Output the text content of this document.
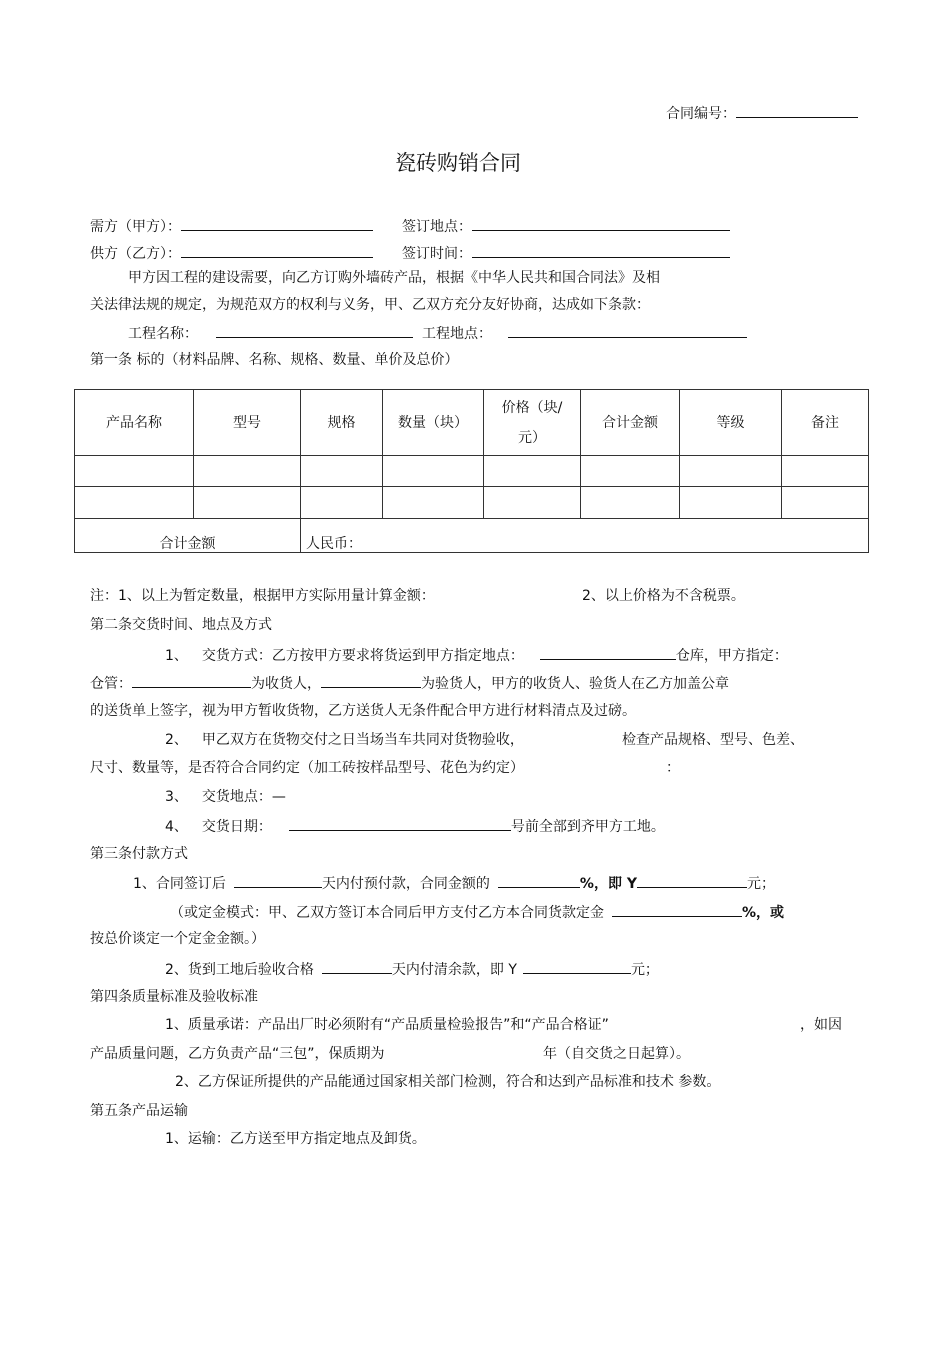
合同编号：
瓷砖购销合同
需方（甲方）：	签订地点：
供方（乙方）：	签订时间：
甲方因工程的建设需要，向乙方订购外墙砖产品，根据《中华人民共和国合同法》及相
关法律法规的规定，为规范双方的权利与义务，甲、乙双方充分友好协商，达成如下条款：
工程名称：	工程地点：
第一条 标的（材料品牌、名称、规格、数量、单价及总价）
产品名称	型号	规格	数量（块）	价格（块/
元）	合计金额	等级	备注

合计金额		人民币：					
注：1、以上为暂定数量，根据甲方实际用量计算金额：	2、以上价格为不含税票。
第二条交货时间、地点及方式
1、 交货方式：乙方按甲方要求将货运到甲方指定地点：	仓库，甲方指定：
仓管：	为收货人，	为验货人，甲方的收货人、验货人在乙方加盖公章
的送货单上签字，视为甲方暂收货物，乙方送货人无条件配合甲方进行材料清点及过磅。
2、 甲乙双方在货物交付之日当场当车共同对货物验收，	检查产品规格、型号、色差、
尺寸、数量等，是否符合合同约定（加工砖按样品型号、花色为约定）	：
3、 交货地点：—
4、 交货日期：	号前全部到齐甲方工地。
第三条付款方式
1、合同签订后	天内付预付款，合同金额的	%，即 Y	元；
（或定金模式：甲、乙双方签订本合同后甲方支付乙方本合同货款定金	%，或
按总价谈定一个定金金额。）
2、货到工地后验收合格	天内付清余款，即 Y	元；
第四条质量标准及验收标准
1、质量承诺：产品出厂时必须附有“产品质量检验报告”和“产品合格证”	，如因
产品质量问题，乙方负责产品“三包”，保质期为	年（自交货之日起算）。
2、乙方保证所提供的产品能通过国家相关部门检测，符合和达到产品标准和技术 参数。
第五条产品运输
1、运输：乙方送至甲方指定地点及卸货。
